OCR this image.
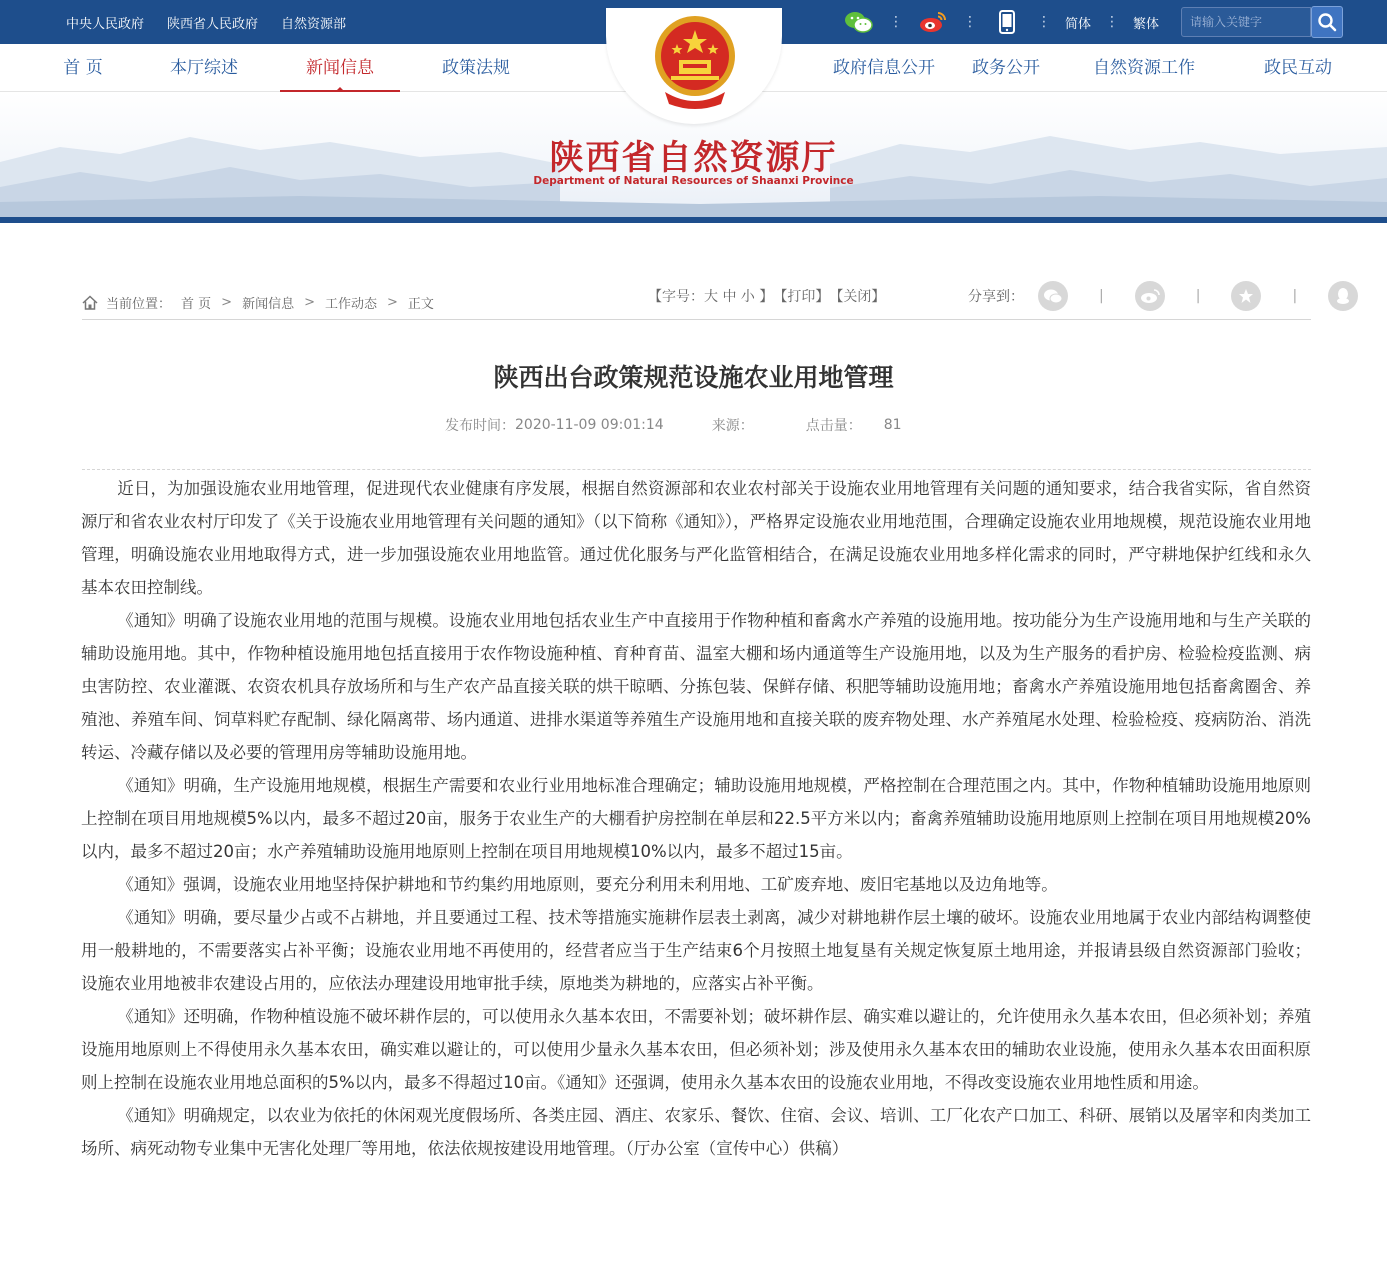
中央人民政府 陕西省人民政府 自然资源部	⋮	⋮	⋮ 简体 ⋮ 繁体
请输入关键字
首 页	本厅综述	新闻信息	政策法规	政府信息公开	政务公开	自然资源工作	政民互动
陕西省自然资源厅
Department of Natural Resources of Shaanxi Province
当前位置： 首 页 > 新闻信息 > 工作动态 > 正文	【字号：大 中 小 】 【打印】 【关闭】	分享到：	|	|	|
陕西出台政策规范设施农业用地管理
发布时间： 2020-11-09 09:01:14	来源：	点击量： 81

近日，为加强设施农业用地管理，促进现代农业健康有序发展，根据自然资源部和农业农村部关于设施农业用地管理有关问题的通知要求，结合我省实际，省自然资源厅和省农业农村厅印发了《关于设施农业用地管理有关问题的通知》（以下简称《通知》），严格界定设施农业用地范围，合理确定设施农业用地规模，规范设施农业用地管理，明确设施农业用地取得方式，进一步加强设施农业用地监管。通过优化服务与严化监管相结合，在满足设施农业用地多样化需求的同时，严守耕地保护红线和永久基本农田控制线。

《通知》明确了设施农业用地的范围与规模。设施农业用地包括农业生产中直接用于作物种植和畜禽水产养殖的设施用地。按功能分为生产设施用地和与生产关联的辅助设施用地。其中，作物种植设施用地包括直接用于农作物设施种植、育种育苗、温室大棚和场内通道等生产设施用地，以及为生产服务的看护房、检验检疫监测、病虫害防控、农业灌溉、农资农机具存放场所和与生产农产品直接关联的烘干晾晒、分拣包装、保鲜存储、积肥等辅助设施用地；畜禽水产养殖设施用地包括畜禽圈舍、养殖池、养殖车间、饲草料贮存配制、绿化隔离带、场内通道、进排水渠道等养殖生产设施用地和直接关联的废弃物处理、水产养殖尾水处理、检验检疫、疫病防治、消洗转运、冷藏存储以及必要的管理用房等辅助设施用地。

《通知》明确，生产设施用地规模，根据生产需要和农业行业用地标准合理确定；辅助设施用地规模，严格控制在合理范围之内。其中，作物种植辅助设施用地原则上控制在项目用地规模5%以内，最多不超过20亩，服务于农业生产的大棚看护房控制在单层和22.5平方米以内；畜禽养殖辅助设施用地原则上控制在项目用地规模20%以内，最多不超过20亩；水产养殖辅助设施用地原则上控制在项目用地规模10%以内，最多不超过15亩。

《通知》强调，设施农业用地坚持保护耕地和节约集约用地原则，要充分利用未利用地、工矿废弃地、废旧宅基地以及边角地等。

《通知》明确，要尽量少占或不占耕地，并且要通过工程、技术等措施实施耕作层表土剥离，减少对耕地耕作层土壤的破坏。设施农业用地属于农业内部结构调整使用一般耕地的，不需要落实占补平衡；设施农业用地不再使用的，经营者应当于生产结束6个月按照土地复垦有关规定恢复原土地用途，并报请县级自然资源部门验收；设施农业用地被非农建设占用的，应依法办理建设用地审批手续，原地类为耕地的，应落实占补平衡。

《通知》还明确，作物种植设施不破坏耕作层的，可以使用永久基本农田，不需要补划；破坏耕作层、确实难以避让的，允许使用永久基本农田，但必须补划；养殖设施用地原则上不得使用永久基本农田，确实难以避让的，可以使用少量永久基本农田，但必须补划；涉及使用永久基本农田的辅助农业设施，使用永久基本农田面积原则上控制在设施农业用地总面积的5%以内，最多不得超过10亩。《通知》还强调，使用永久基本农田的设施农业用地，不得改变设施农业用地性质和用途。

《通知》明确规定，以农业为依托的休闲观光度假场所、各类庄园、酒庄、农家乐、餐饮、住宿、会议、培训、工厂化农产口加工、科研、展销以及屠宰和肉类加工场所、病死动物专业集中无害化处理厂等用地，依法依规按建设用地管理。（厅办公室（宣传中心）供稿）
